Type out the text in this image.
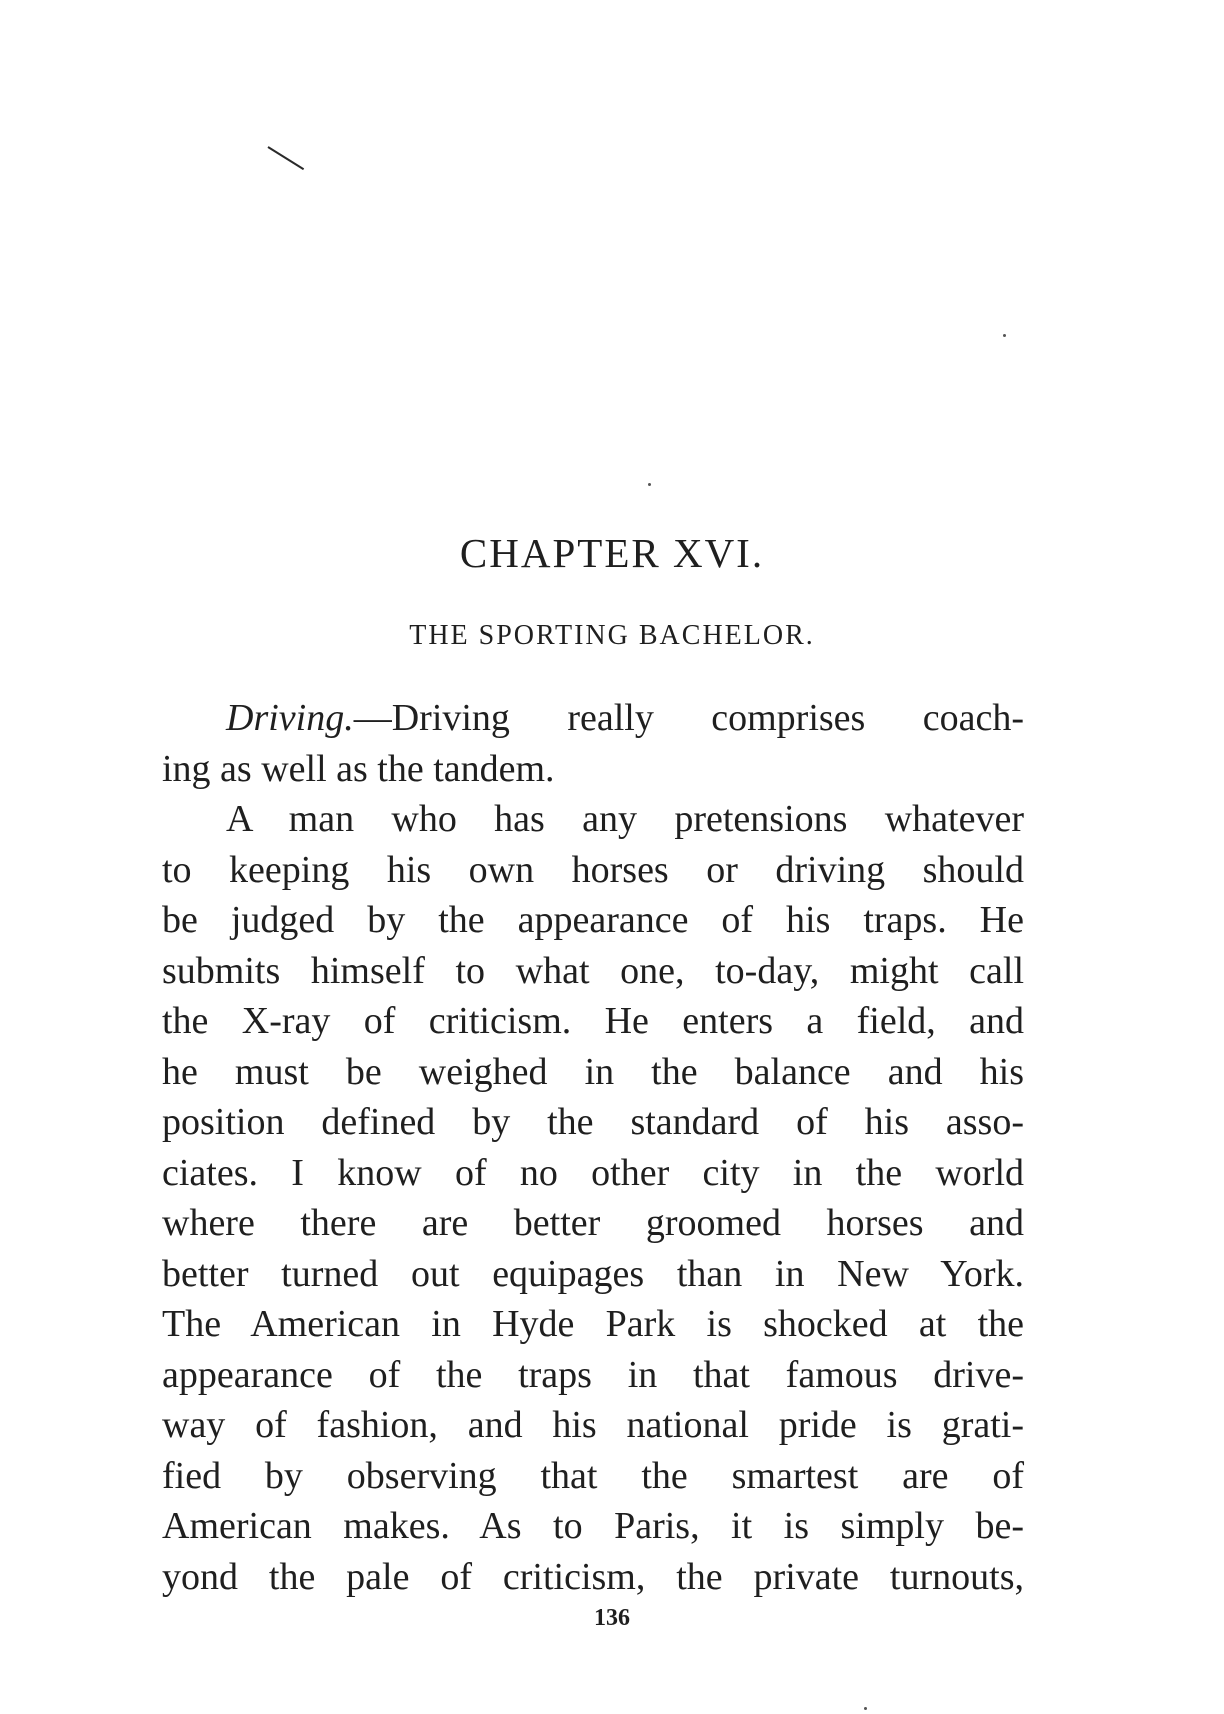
CHAPTER XVI.
THE SPORTING BACHELOR.
Driving.—Driving really comprises coach-
ing as well as the tandem.
A man who has any pretensions whatever
to keeping his own horses or driving should
be judged by the appearance of his traps. He
submits himself to what one, to-day, might call
the X-ray of criticism. He enters a field, and
he must be weighed in the balance and his
position defined by the standard of his asso-
ciates. I know of no other city in the world
where there are better groomed horses and
better turned out equipages than in New York.
The American in Hyde Park is shocked at the
appearance of the traps in that famous drive-
way of fashion, and his national pride is grati-
fied by observing that the smartest are of
American makes. As to Paris, it is simply be-
yond the pale of criticism, the private turnouts,
136
